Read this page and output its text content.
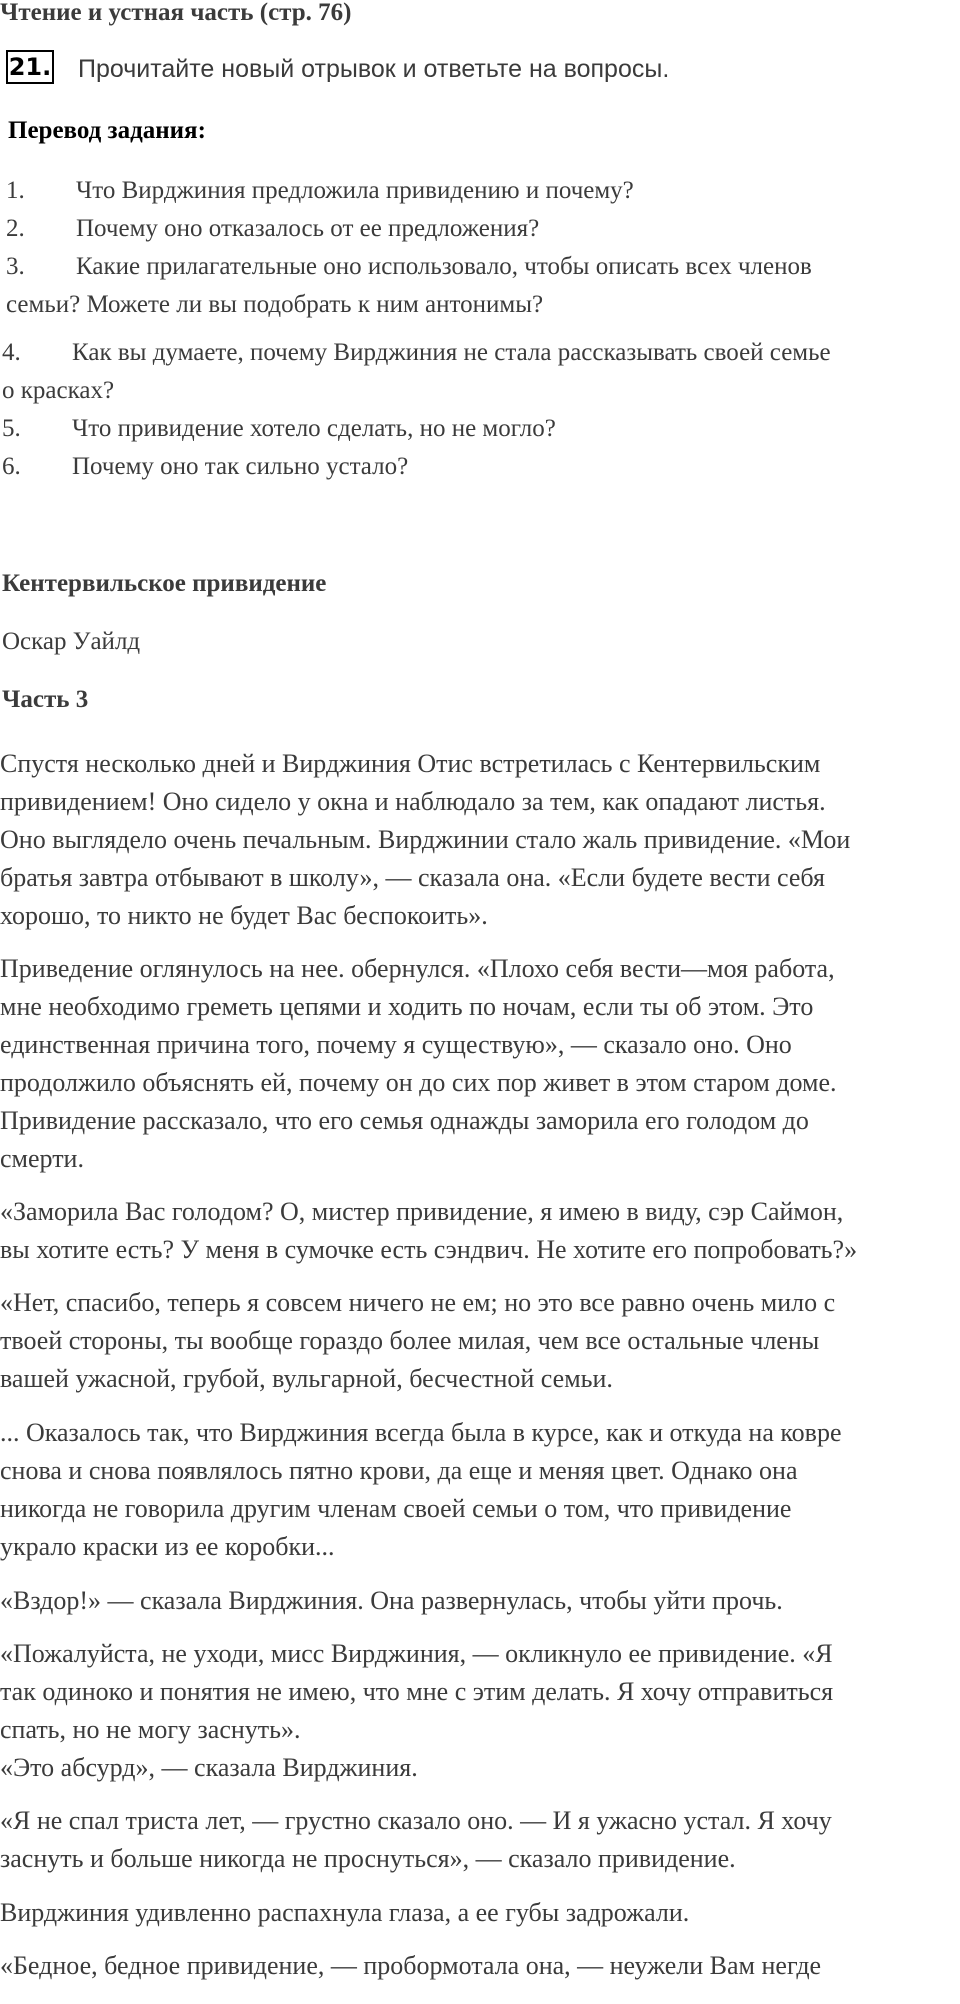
Чтение и устная часть (стр. 76)
21. Прочитайте новый отрывок и ответьте на вопросы.
Перевод задания:
1. Что Вирджиния предложила привидению и почему?
2. Почему оно отказалось от ее предложения?
3. Какие прилагательные оно использовало, чтобы описать всех членов
семьи? Можете ли вы подобрать к ним антонимы?
4. Как вы думаете, почему Вирджиния не стала рассказывать своей семье
о красках?
5. Что привидение хотело сделать, но не могло?
6. Почему оно так сильно устало?
Кентервильское привидение
Оскар Уайлд
Часть 3
Спустя несколько дней и Вирджиния Отис встретилась с Кентервильским
привидением! Оно сидело у окна и наблюдало за тем, как опадают листья.
Оно выглядело очень печальным. Вирджинии стало жаль привидение. «Мои
братья завтра отбывают в школу», — сказала она. «Если будете вести себя
хорошо, то никто не будет Вас беспокоить».
Приведение оглянулось на нее. обернулся. «Плохо себя вести—моя работа,
мне необходимо греметь цепями и ходить по ночам, если ты об этом. Это
единственная причина того, почему я существую», — сказало оно. Оно
продолжило объяснять ей, почему он до сих пор живет в этом старом доме.
Привидение рассказало, что его семья однажды заморила его голодом до
смерти.
«Заморила Вас голодом? О, мистер привидение, я имею в виду, сэр Саймон,
вы хотите есть? У меня в сумочке есть сэндвич. Не хотите его попробовать?»
«Нет, спасибо, теперь я совсем ничего не ем; но это все равно очень мило с
твоей стороны, ты вообще гораздо более милая, чем все остальные члены
вашей ужасной, грубой, вульгарной, бесчестной семьи.
... Оказалось так, что Вирджиния всегда была в курсе, как и откуда на ковре
снова и снова появлялось пятно крови, да еще и меняя цвет. Однако она
никогда не говорила другим членам своей семьи о том, что привидение
украло краски из ее коробки...
«Вздор!» — сказала Вирджиния. Она развернулась, чтобы уйти прочь.
«Пожалуйста, не уходи, мисс Вирджиния, — окликнуло ее привидение. «Я
так одиноко и понятия не имею, что мне с этим делать. Я хочу отправиться
спать, но не могу заснуть».
«Это абсурд», — сказала Вирджиния.
«Я не спал триста лет, — грустно сказало оно. — И я ужасно устал. Я хочу
заснуть и больше никогда не проснуться», — сказало привидение.
Вирджиния удивленно распахнула глаза, а ее губы задрожали.
«Бедное, бедное привидение, — пробормотала она, — неужели Вам негде
